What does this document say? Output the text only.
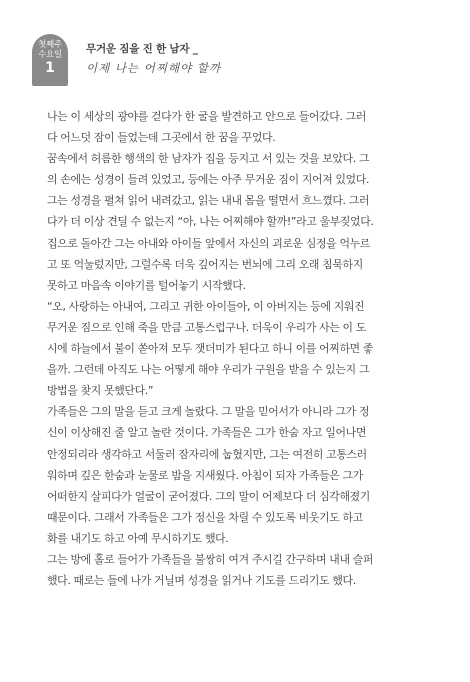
첫째주
수요일
1
무거운 짐을 진 한 남자 _
이제 나는 어찌해야 할까

나는 이 세상의 광야를 걷다가 한 굴을 발견하고 안으로 들어갔다. 그러
다 어느덧 잠이 들었는데 그곳에서 한 꿈을 꾸었다.

꿈속에서 허름한 행색의 한 남자가 집을 등지고 서 있는 것을 보았다. 그
의 손에는 성경이 들려 있었고, 등에는 아주 무거운 짐이 지어져 있었다.
그는 성경을 펼쳐 읽어 내려갔고, 읽는 내내 몸을 떨면서 흐느꼈다. 그러
다가 더 이상 견딜 수 없는지 “아, 나는 어찌해야 할까!”라고 울부짖었다.

집으로 돌아간 그는 아내와 아이들 앞에서 자신의 괴로운 심정을 억누르
고 또 억눌렀지만, 그럴수록 더욱 깊어지는 번뇌에 그리 오래 침묵하지
못하고 마음속 이야기를 털어놓기 시작했다.

“오, 사랑하는 아내여, 그리고 귀한 아이들아, 이 아버지는 등에 지워진
무거운 짐으로 인해 죽을 만큼 고통스럽구나. 더욱이 우리가 사는 이 도
시에 하늘에서 불이 쏟아져 모두 잿더미가 된다고 하니 이를 어찌하면 좋
을까. 그런데 아직도 나는 어떻게 해야 우리가 구원을 받을 수 있는지 그
방법을 찾지 못했단다.”

가족들은 그의 말을 듣고 크게 놀랐다. 그 말을 믿어서가 아니라 그가 정
신이 이상해진 줄 알고 놀란 것이다. 가족들은 그가 한숨 자고 일어나면
안정되리라 생각하고 서둘러 잠자리에 눕혔지만, 그는 여전히 고통스러
워하며 깊은 한숨과 눈물로 밤을 지새웠다. 아침이 되자 가족들은 그가
어떠한지 살피다가 얼굴이 굳어졌다. 그의 말이 어제보다 더 심각해졌기
때문이다. 그래서 가족들은 그가 정신을 차릴 수 있도록 비웃기도 하고
화를 내기도 하고 아예 무시하기도 했다.

그는 방에 홀로 들어가 가족들을 불쌍히 여겨 주시길 간구하며 내내 슬퍼
했다. 때로는 들에 나가 거닐며 성경을 읽거나 기도를 드리기도 했다.
